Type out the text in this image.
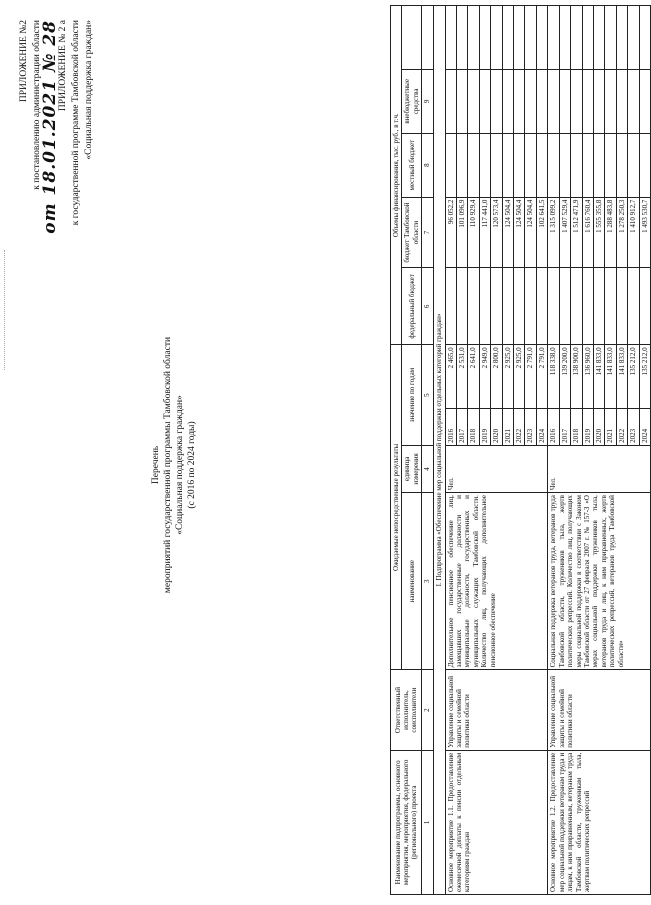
ПРИЛОЖЕНИЕ №2 к постановлению администрации области
от 18.01.2021 № 28
ПРИЛОЖЕНИЕ № 2 а к государственной программе Тамбовской области «Социальная поддержка граждан»
Перечень мероприятий государственной программы Тамбовской области «Социальная поддержка граждан» (с 2016 по 2024 годы)
Наименование подпрограммы, основного мероприятия, мероприятия, федерального (регионального) проекта	Ответственный исполнитель, соисполнители	Ожидаемые непосредственные результаты				Объемы финансирования, тыс. руб., в т.ч.				
		наименование	единица измерения	значение по годам		федеральный бюджет	бюджет Тамбовской области	местный бюджет	внебюджетные средства	
1	2	3	4	5		6	7	8	9	
I. Подпрограмма «Обеспечение мер социальной поддержки отдельных категорий граждан»										
Основное мероприятие 1.1. Предоставление ежемесячной доплаты к пенсии отдельным категориям граждан	Управление социальной защиты и семейной политики области	Дополнительное пенсионное обеспечение лиц, замещавших государственные должности и муниципальные должности, государственных и муниципальных служащих Тамбовской области. Количество лиц, получающих дополнительное пенсионное обеспечение	Чел.	2016	2 465,0		96 052,2			
				2017	2 531,0		101 096,9			
				2018	2 641,0		110 929,4			
				2019	2 949,0		117 441,0			
				2020	2 800,0		120 573,4			
				2021	2 925,0		124 504,4			
				2022	2 925,0		124 504,4			
				2023	2 791,0		124 504,4			
				2024	2 791,0		102 641,5			
Основное мероприятие 1.2. Предоставление мер социальной поддержки ветеранам труда и лицам, к ним приравненным, ветеранам труда Тамбовской области, труженикам тыла, жертвам политических репрессий	Управление социальной защиты и семейной политики области	Социальная поддержка ветеранов труда, ветеранов труда Тамбовской области, тружеников тыла, жертв политических репрессий. Количество лиц, получающих меры социальной поддержки в соответствии с Законом Тамбовской области от 27 февраля 2007 г. № 157-З «О мерах социальной поддержки тружеников тыла, ветеранов труда и лиц, к ним приравненных, жертв политических репрессий, ветеранов труда Тамбовской области»	Чел.	2016	118 338,0		1 315 099,2			
				2017	139 200,0		1 407 529,4			
				2018	138 900,0		1 512 471,9			
				2019	136 960,0		1 616 760,4			
				2020	141 833,0		1 555 355,8			
				2021	141 833,0		1 288 483,8			
				2022	141 833,0		1 278 250,3			
				2023	135 212,0		1 410 912,7			
				2024	135 212,0		1 493 530,7			
